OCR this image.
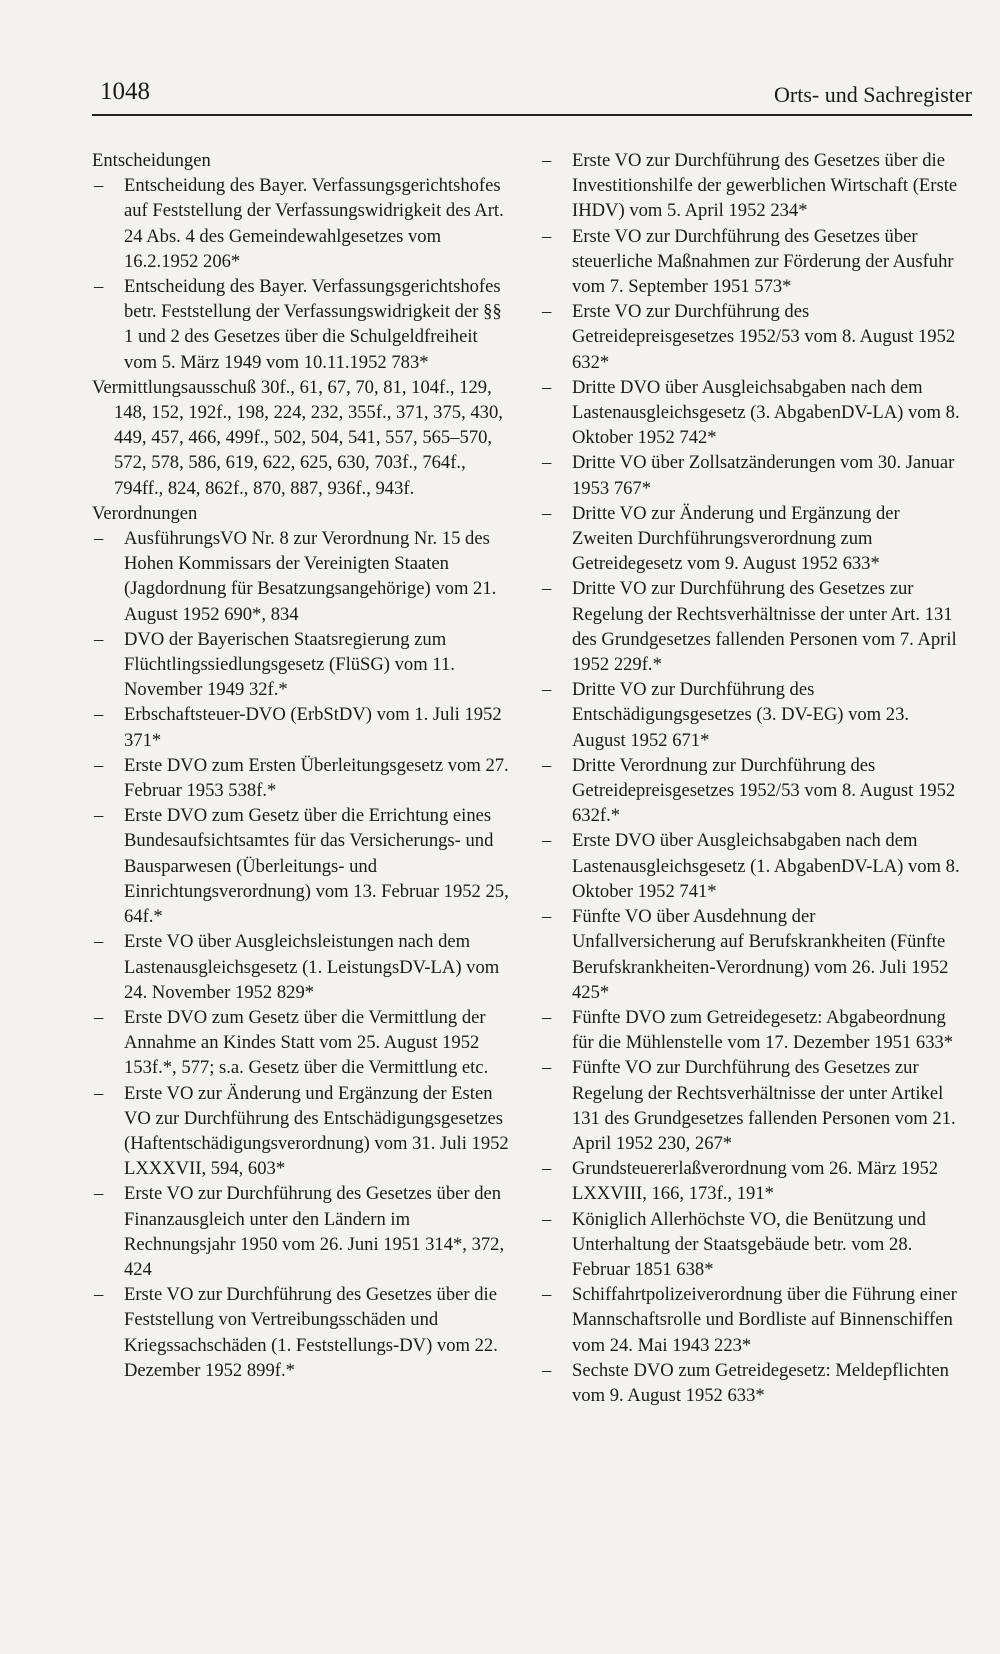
1048	Orts- und Sachregister

Entscheidungen

– Entscheidung des Bayer. Verfassungsgerichtshofes auf Feststellung der Verfassungswidrigkeit des Art. 24 Abs. 4 des Gemeindewahlgesetzes vom 16.2.1952 206*

– Entscheidung des Bayer. Verfassungsgerichtshofes betr. Feststellung der Verfassungswidrigkeit der §§ 1 und 2 des Gesetzes über die Schulgeldfreiheit vom 5. März 1949 vom 10.11.1952 783*

Vermittlungsausschuß 30f., 61, 67, 70, 81, 104f., 129, 148, 152, 192f., 198, 224, 232, 355f., 371, 375, 430, 449, 457, 466, 499f., 502, 504, 541, 557, 565–570, 572, 578, 586, 619, 622, 625, 630, 703f., 764f., 794ff., 824, 862f., 870, 887, 936f., 943f.

Verordnungen

– AusführungsVO Nr. 8 zur Verordnung Nr. 15 des Hohen Kommissars der Vereinigten Staaten (Jagdordnung für Besatzungsangehörige) vom 21. August 1952 690*, 834

– DVO der Bayerischen Staatsregierung zum Flüchtlingssiedlungsgesetz (FlüSG) vom 11. November 1949 32f.*

– Erbschaftsteuer-DVO (ErbStDV) vom 1. Juli 1952 371*

– Erste DVO zum Ersten Überleitungsgesetz vom 27. Februar 1953 538f.*

– Erste DVO zum Gesetz über die Errichtung eines Bundesaufsichtsamtes für das Versicherungs- und Bausparwesen (Überleitungs- und Einrichtungsverordnung) vom 13. Februar 1952 25, 64f.*

– Erste VO über Ausgleichsleistungen nach dem Lastenausgleichsgesetz (1. LeistungsDV-LA) vom 24. November 1952 829*

– Erste DVO zum Gesetz über die Vermittlung der Annahme an Kindes Statt vom 25. August 1952 153f.*, 577; s.a. Gesetz über die Vermittlung etc.

– Erste VO zur Änderung und Ergänzung der Esten VO zur Durchführung des Entschädigungsgesetzes (Haftentschädigungsverordnung) vom 31. Juli 1952 LXXXVII, 594, 603*

– Erste VO zur Durchführung des Gesetzes über den Finanzausgleich unter den Ländern im Rechnungsjahr 1950 vom 26. Juni 1951 314*, 372, 424

– Erste VO zur Durchführung des Gesetzes über die Feststellung von Vertreibungsschäden und Kriegssachschäden (1. Feststellungs-DV) vom 22. Dezember 1952 899f.*

– Erste VO zur Durchführung des Gesetzes über die Investitionshilfe der gewerblichen Wirtschaft (Erste IHDV) vom 5. April 1952 234*

– Erste VO zur Durchführung des Gesetzes über steuerliche Maßnahmen zur Förderung der Ausfuhr vom 7. September 1951 573*

– Erste VO zur Durchführung des Getreidepreisgesetzes 1952/53 vom 8. August 1952 632*

– Dritte DVO über Ausgleichsabgaben nach dem Lastenausgleichsgesetz (3. AbgabenDV-LA) vom 8. Oktober 1952 742*

– Dritte VO über Zollsatzänderungen vom 30. Januar 1953 767*

– Dritte VO zur Änderung und Ergänzung der Zweiten Durchführungsverordnung zum Getreidegesetz vom 9. August 1952 633*

– Dritte VO zur Durchführung des Gesetzes zur Regelung der Rechtsverhältnisse der unter Art. 131 des Grundgesetzes fallenden Personen vom 7. April 1952 229f.*

– Dritte VO zur Durchführung des Entschädigungsgesetzes (3. DV-EG) vom 23. August 1952 671*

– Dritte Verordnung zur Durchführung des Getreidepreisgesetzes 1952/53 vom 8. August 1952 632f.*

– Erste DVO über Ausgleichsabgaben nach dem Lastenausgleichsgesetz (1. AbgabenDV-LA) vom 8. Oktober 1952 741*

– Fünfte VO über Ausdehnung der Unfallversicherung auf Berufskrankheiten (Fünfte Berufskrankheiten-Verordnung) vom 26. Juli 1952 425*

– Fünfte DVO zum Getreidegesetz: Abgabeordnung für die Mühlenstelle vom 17. Dezember 1951 633*

– Fünfte VO zur Durchführung des Gesetzes zur Regelung der Rechtsverhältnisse der unter Artikel 131 des Grundgesetzes fallenden Personen vom 21. April 1952 230, 267*

– Grundsteuererlaßverordnung vom 26. März 1952 LXXVIII, 166, 173f., 191*

– Königlich Allerhöchste VO, die Benützung und Unterhaltung der Staatsgebäude betr. vom 28. Februar 1851 638*

– Schiffahrtpolizeiverordnung über die Führung einer Mannschaftsrolle und Bordliste auf Binnenschiffen vom 24. Mai 1943 223*

– Sechste DVO zum Getreidegesetz: Meldepflichten vom 9. August 1952 633*
